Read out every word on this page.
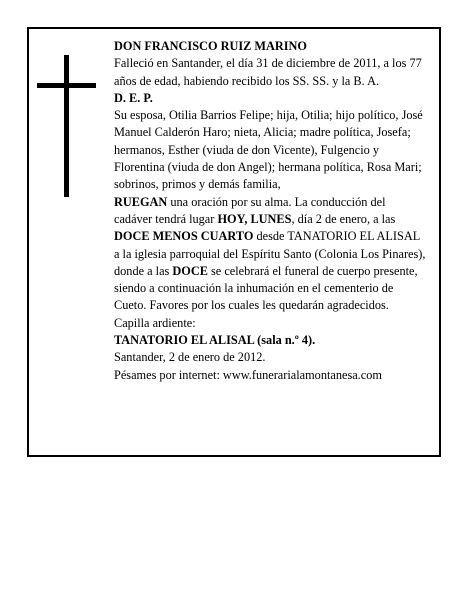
DON FRANCISCO RUIZ MARINO

Falleció en Santander, el día 31 de diciembre de 2011, a los 77 años de edad, habiendo recibido los SS. SS. y la B. A.

D. E. P.

Su esposa, Otilia Barrios Felipe; hija, Otilia; hijo político, José Manuel Calderón Haro; nieta, Alicia; madre política, Josefa; hermanos, Esther (viuda de don Vicente), Fulgencio y Florentina (viuda de don Angel); hermana política, Rosa Mari; sobrinos, primos y demás familia,

RUEGAN una oración por su alma. La conducción del cadáver tendrá lugar HOY, LUNES, día 2 de enero, a las DOCE MENOS CUARTO desde TANATORIO EL ALISAL a la iglesia parroquial del Espíritu Santo (Colonia Los Pinares), donde a las DOCE se celebrará el funeral de cuerpo presente, siendo a continuación la inhumación en el cementerio de Cueto. Favores por los cuales les quedarán agradecidos. Capilla ardiente:

TANATORIO EL ALISAL (sala n.º 4).

Santander, 2 de enero de 2012.

Pésames por internet: www.funerarialamontanesa.com
